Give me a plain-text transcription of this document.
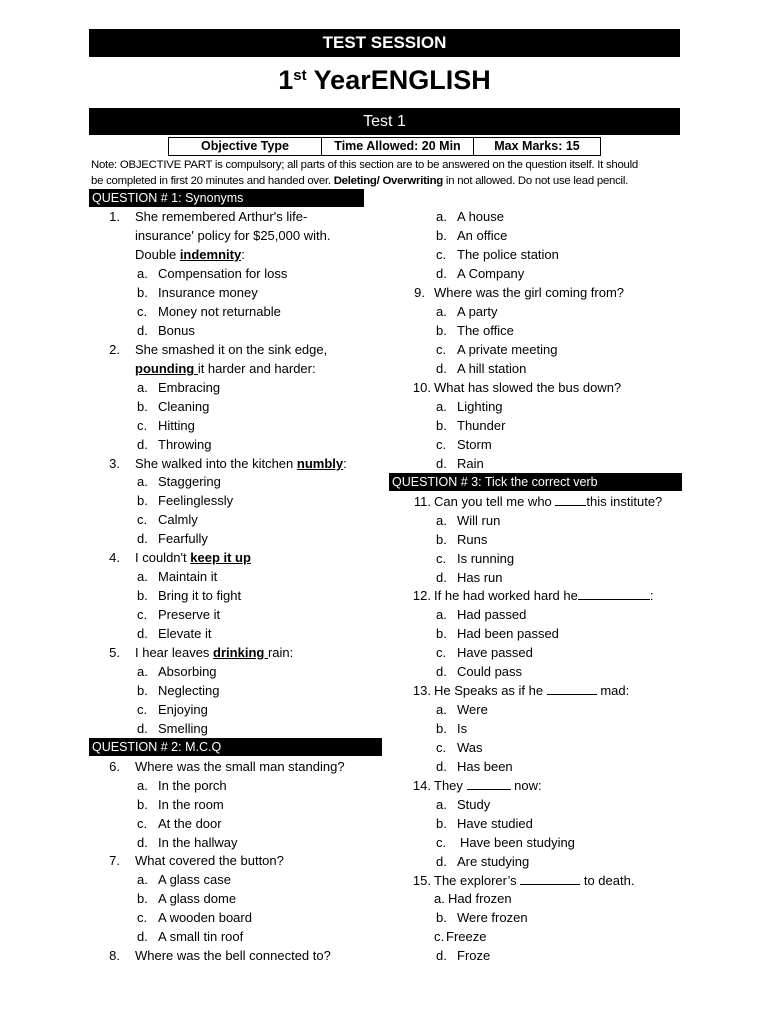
TEST SESSION
1st YearENGLISH
Test 1
Objective Type	Time Allowed: 20 Min	Max Marks: 15
Note: OBJECTIVE PART is compulsory; all parts of this section are to be answered on the question itself. It should
be completed in first 20 minutes and handed over. Deleting/ Overwriting in not allowed. Do not use lead pencil.
QUESTION # 1: Synonyms
QUESTION # 2: M.C.Q
QUESTION # 3: Tick the correct verb
1. She remembered Arthur's life-
insurance' policy for $25,000 with.
Double indemnity:
a. Compensation for loss
b. Insurance money
c. Money not returnable
d. Bonus
2. She smashed it on the sink edge,
pounding it harder and harder:
a. Embracing
b. Cleaning
c. Hitting
d. Throwing
3. She walked into the kitchen numbly:
a. Staggering
b. Feelinglessly
c. Calmly
d. Fearfully
4. I couldn't keep it up
a. Maintain it
b. Bring it to fight
c. Preserve it
d. Elevate it
5. I hear leaves drinking rain:
a. Absorbing
b. Neglecting
c. Enjoying
d. Smelling
6. Where was the small man standing?
a. In the porch
b. In the room
c. At the door
d. In the hallway
7. What covered the button?
a. A glass case
b. A glass dome
c. A wooden board
d. A small tin roof
8. Where was the bell connected to?
a. A house
b. An office
c. The police station
d. A Company
9. Where was the girl coming from?
a. A party
b. The office
c. A private meeting
d. A hill station
10. What has slowed the bus down?
a. Lighting
b. Thunder
c. Storm
d. Rain
11. Can you tell me who this institute?
a. Will run
b. Runs
c. Is running
d. Has run
12. If he had worked hard he	:
a. Had passed
b. Had been passed
c. Have passed
d. Could pass
13. He Speaks as if he	mad:
a. Were
b. Is
c. Was
d. Has been
14. They	now:
a. Study
b. Have studied
c. Have been studying
d. Are studying
15. The explorer’s	to death.
a. Had frozen
b. Were frozen
c. Freeze
d. Froze
